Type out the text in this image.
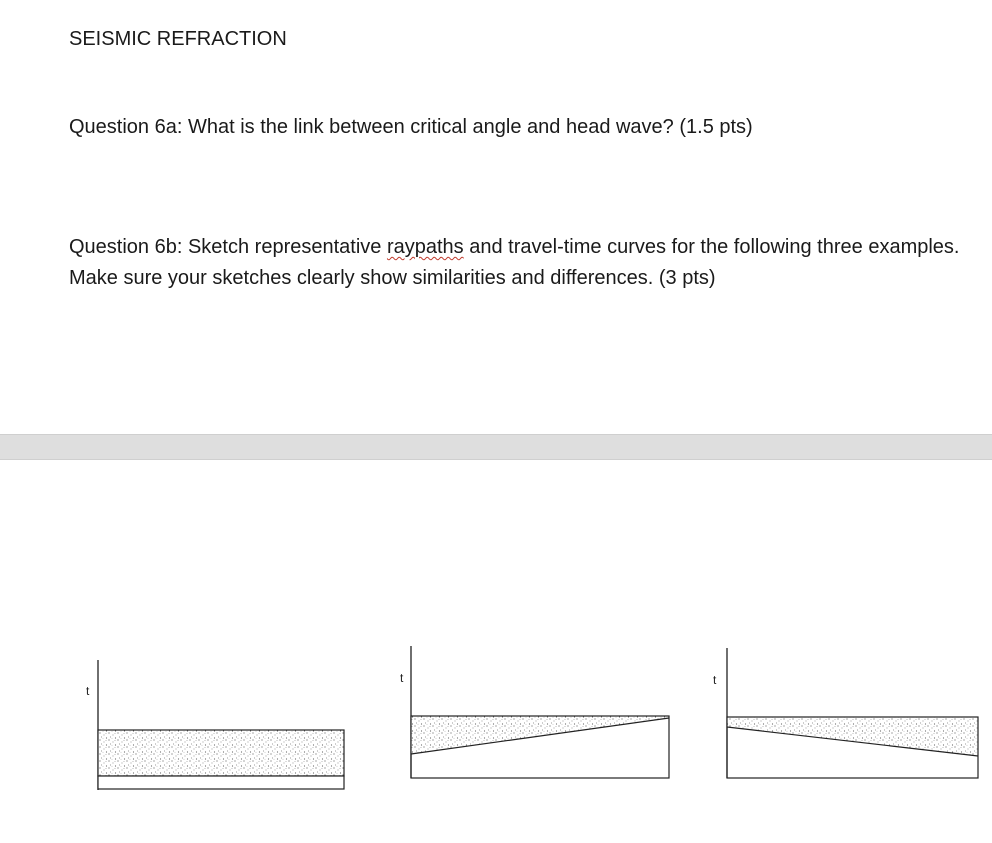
SEISMIC REFRACTION
Question 6a: What is the link between critical angle and head wave? (1.5 pts)
Question 6b: Sketch representative raypaths and travel-time curves for the following three examples. Make sure your sketches clearly show similarities and differences. (3 pts)
t
t	t
